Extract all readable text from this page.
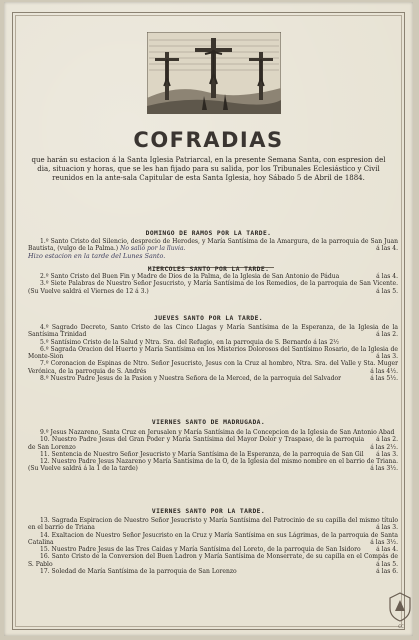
COFRADIAS
que harán su estacion á la Santa Iglesia Patriarcal, en la presente Semana Santa, con espresion del dia, situacion y horas, que se les han fijado para su salida, por los Tribunales Eclesiástico y Civil reunidos en la ante-sala Capitular de esta Santa Iglesia, hoy Sábado 5 de Abril de 1884.
DOMINGO DE RAMOS POR LA TARDE.

1.º Santo Cristo del Silencio, desprecio de Herodes, y María Santísima de la Amargura, de la parroquia de San Juan Bautista, (vulgo de la Palma.) No salió por la lluvia.	á las 4.

Hizo estacion en la tarde del Lunes Santo.

MIERCOLES SANTO POR LA TARDE.

2.º Santo Cristo del Buen Fin y Madre de Dios de la Palma, de la Iglesia de San Antonio de Pádua	á las 4.

3.º Siete Palabras de Nuestro Señor Jesucristo, y María Santísima de los Remedios, de la parroquia de San Vicente. (Su Vuelve saldrá el Viernes de 12 á 3.)	á las 5.

JUEVES SANTO POR LA TARDE.

4.º Sagrado Decreto, Santo Cristo de las Cinco Llagas y María Santísima de la Esperanza, de la Iglesia de la Santísima Trinidad	á las 2.

5.º Santísimo Cristo de la Salud y Ntra. Sra. del Refugio, en la parroquia de S. Bernardo á las 2½

6.º Sagrada Oracion del Huerto y María Santísima en los Misterios Dolorosos del Santísimo Rosario, de la Iglesia de Monte-Sion	á las 3.

7.º Coronacion de Espinas de Ntro. Señor Jesucristo, Jesus con la Cruz al hombro, Ntra. Sra. del Valle y Sta. Muger Verónica, de la parroquia de S. Andrés	á las 4½.

8.º Nuestro Padre Jesus de la Pasion y Nuestra Señora de la Merced, de la parroquia del Salvador	á las 5½.

VIERNES SANTO DE MADRUGADA.

9.º Jesus Nazareno, Santa Cruz en Jerusalen y María Santísima de la Concepcion de la Iglesia de San Antonio Abad
á las 2.

10. Nuestro Padre Jesus del Gran Poder y María Santísima del Mayor Dolor y Traspaso, de la parroquia de San Lorenzo	á las 2½.

11. Sentencia de Nuestro Señor Jesucristo y María Santísima de la Esperanza, de la parroquia de San Gil	á las 3.

12. Nuestro Padre Jesus Nazareno y María Santísima de la O, de la Iglesia del mismo nombre en el barrio de Triana. (Su Vuelve saldrá á la 1 de la tarde)	á las 3½.

VIERNES SANTO POR LA TARDE.

13. Sagrada Espiracion de Nuestro Señor Jesucristo y María Santísima del Patrocinio de su capilla del mismo título en el barrio de Triana	á las 3.

14. Exaltacion de Nuestro Señor Jesucristo en la Cruz y María Santísima en sus Lágrimas, de la parroquia de Santa Catalina	á las 3½.

15. Nuestro Padre Jesus de las Tres Caidas y María Santísima del Loreto, de la parroquia de San Isidoro	á las 4.

16. Santo Cristo de la Conversion del Buen Ladron y María Santísima de Monserrate, de su capilla en el Compás de S. Pablo	á las 5.

17. Soledad de María Santísima de la parroquia de San Lorenzo	á las 6.

CC
